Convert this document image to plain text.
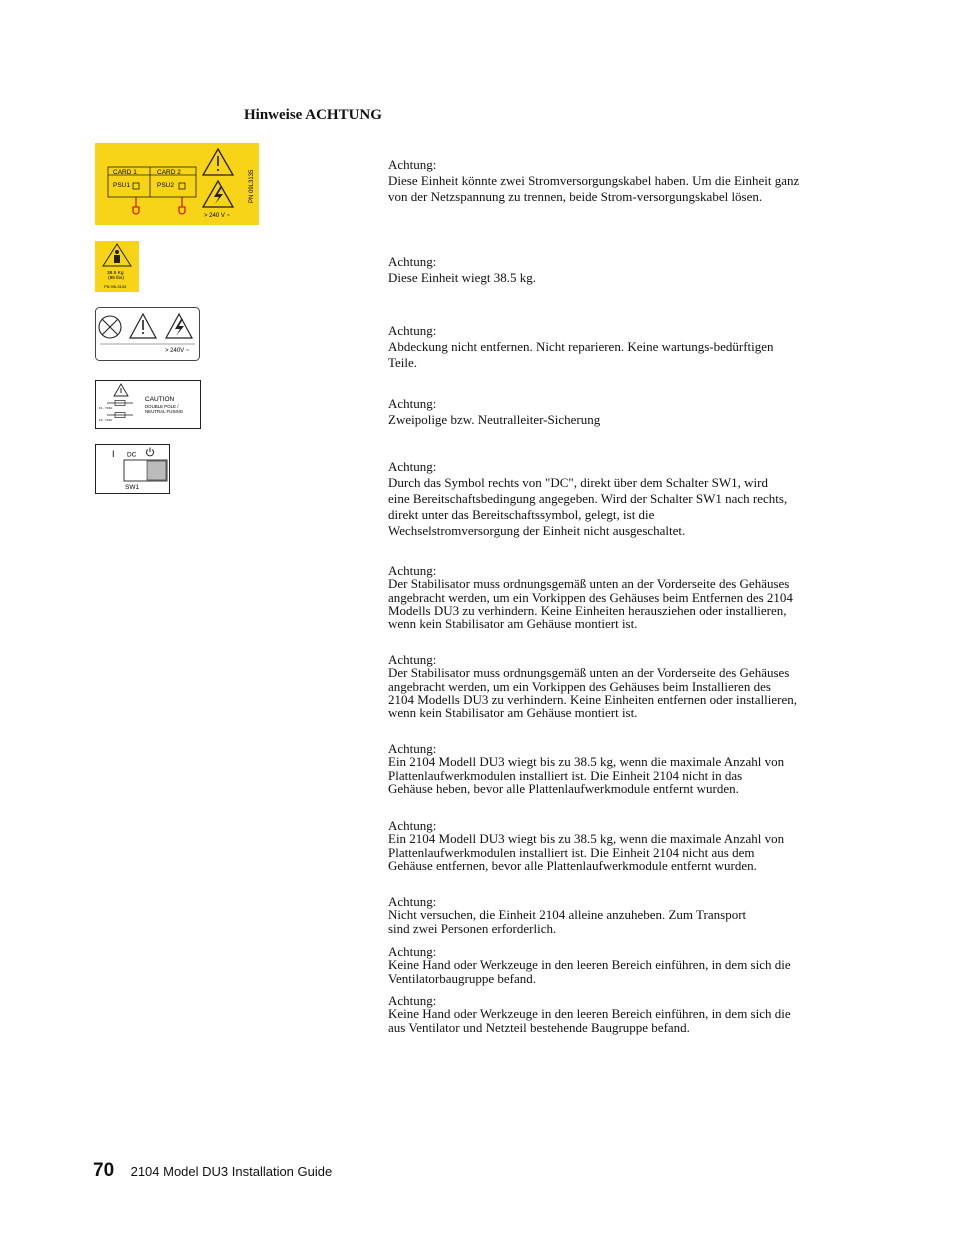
Hinweise ACHTUNG
CARD 1	CARD 2
PSU1	PSU2
> 240 V ~
PN 09L3135
38.5 Kg
(85 lbs)
PN 09L3134
> 240V ~
F1 - T15A
F2 - T15A
CAUTION
DOUBLE POLE /
NEUTRAL FUSING
I DC
SW1
Achtung:
Diese Einheit könnte zwei Stromversorgungskabel haben. Um die Einheit ganz von der Netzspannung zu trennen, beide Strom-versorgungskabel lösen.
Achtung:
Diese Einheit wiegt 38.5 kg.
Achtung:
Abdeckung nicht entfernen. Nicht reparieren. Keine wartungs-bedürftigen Teile.
Achtung:
Zweipolige bzw. Neutralleiter-Sicherung
Achtung:
Durch das Symbol rechts von "DC", direkt über dem Schalter SW1, wird eine Bereitschaftsbedingung angegeben. Wird der Schalter SW1 nach rechts, direkt unter das Bereitschaftssymbol, gelegt, ist die Wechselstromversorgung der Einheit nicht ausgeschaltet.
Achtung:
Der Stabilisator muss ordnungsgemäß unten an der Vorderseite des Gehäuses angebracht werden, um ein Vorkippen des Gehäuses beim Entfernen des 2104 Modells DU3 zu verhindern. Keine Einheiten herausziehen oder installieren, wenn kein Stabilisator am Gehäuse montiert ist.
Achtung:
Der Stabilisator muss ordnungsgemäß unten an der Vorderseite des Gehäuses angebracht werden, um ein Vorkippen des Gehäuses beim Installieren des 2104 Modells DU3 zu verhindern. Keine Einheiten entfernen oder installieren, wenn kein Stabilisator am Gehäuse montiert ist.
Achtung:
Ein 2104 Modell DU3 wiegt bis zu 38.5 kg, wenn die maximale Anzahl von Plattenlaufwerkmodulen installiert ist. Die Einheit 2104 nicht in das Gehäuse heben, bevor alle Plattenlaufwerkmodule entfernt wurden.
Achtung:
Ein 2104 Modell DU3 wiegt bis zu 38.5 kg, wenn die maximale Anzahl von Plattenlaufwerkmodulen installiert ist. Die Einheit 2104 nicht aus dem Gehäuse entfernen, bevor alle Plattenlaufwerkmodule entfernt wurden.
Achtung:
Nicht versuchen, die Einheit 2104 alleine anzuheben. Zum Transport sind zwei Personen erforderlich.
Achtung:
Keine Hand oder Werkzeuge in den leeren Bereich einführen, in dem sich die Ventilatorbaugruppe befand.
Achtung:
Keine Hand oder Werkzeuge in den leeren Bereich einführen, in dem sich die aus Ventilator und Netzteil bestehende Baugruppe befand.
70 2104 Model DU3 Installation Guide
